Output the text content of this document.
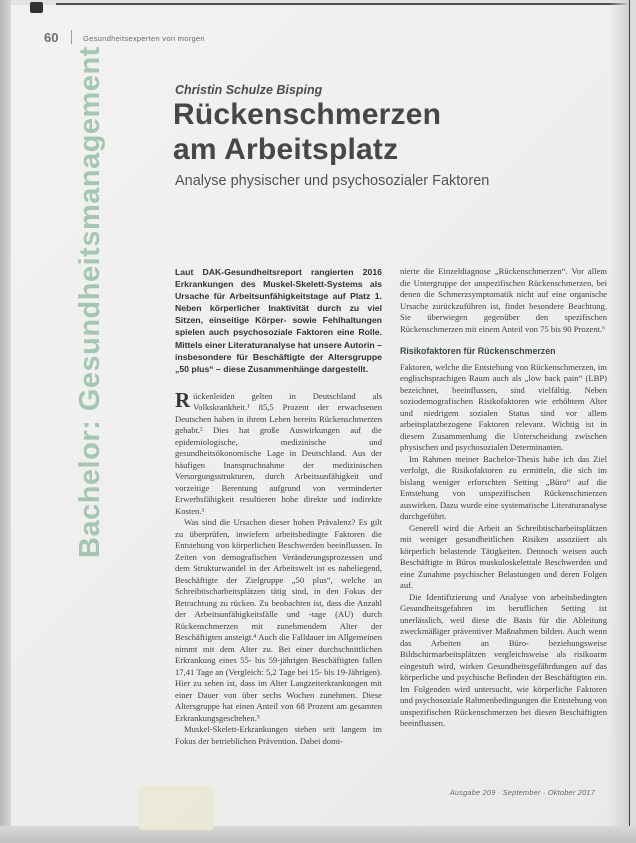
60	Gesundheitsexperten von morgen
Bachelor: Gesundheitsmanagement	Christin Schulze Bisping
Rückenschmerzen
am Arbeitsplatz
Analyse physischer und psychosozialer Faktoren

Laut DAK-Gesundheitsreport rangierten 2016 Erkrankungen des Muskel-Skelett-Systems als Ursache für Arbeitsunfähigkeitstage auf Platz 1. Neben körperlicher Inaktivität durch zu viel Sitzen, einseitige Körper- sowie Fehlhaltungen spielen auch psychosoziale Faktoren eine Rolle. Mittels einer Literaturanalyse hat unsere Autorin – insbesondere für Beschäftigte der Altersgruppe „50 plus“ – diese Zusammenhänge dargestellt.

Rückenleiden gelten in Deutschland als Volkskrankheit.¹ 85,5 Prozent der erwachsenen Deutschen haben in ihrem Leben bereits Rückenschmerzen gehabt.² Dies hat große Auswirkungen auf die epidemiologische, medizinische und gesundheitsökonomische Lage in Deutschland. Aus der häufigen Inanspruchnahme der medizinischen Versorgungsstrukturen, durch Arbeitsunfähigkeit und vorzeitige Berentung aufgrund von verminderter Erwerbsfähigkeit resultieren hohe direkte und indirekte Kosten.³

Was sind die Ursachen dieser hohen Prävalenz? Es gilt zu überprüfen, inwiefern arbeitsbedingte Faktoren die Entstehung von körperlichen Beschwerden beeinflussen. In Zeiten von demografischen Veränderungsprozessen und dem Strukturwandel in der Arbeitswelt ist es naheliegend, Beschäftigte der Zielgruppe „50 plus“, welche an Schreibtischarbeitsplätzen tätig sind, in den Fokus der Betrachtung zu rücken. Zu beobachten ist, dass die Anzahl der Arbeitsunfähigkeitsfälle und -tage (AU) durch Rückenschmerzen mit zunehmendem Alter der Beschäftigten ansteigt.⁴ Auch die Falldauer im Allgemeinen nimmt mit dem Alter zu. Bei einer durchschnittlichen Erkrankung eines 55- bis 59-jährigen Beschäftigten fallen 17,41 Tage an (Vergleich: 5,2 Tage bei 15- bis 19-Jährigen). Hier zu sehen ist, dass im Alter Langzeiterkrankungen mit einer Dauer von über sechs Wochen zunehmen. Diese Altersgruppe hat einen Anteil von 68 Prozent am gesamten Erkrankungsgeschehen.⁵

Muskel-Skelett-Erkrankungen stehen seit langem im Fokus der betrieblichen Prävention. Dabei domi-

nierte die Einzeldiagnose „Rückenschmerzen“. Vor allem die Untergruppe der unspezifischen Rückenschmerzen, bei denen die Schmerzsymptomatik nicht auf eine organische Ursache zurückzuführen ist, findet besondere Beachtung. Sie überwiegen gegenüber den spezifischen Rückenschmerzen mit einem Anteil von 75 bis 90 Prozent.⁶

Risikofaktoren für Rückenschmerzen

Faktoren, welche die Entstehung von Rückenschmerzen, im englischsprachigen Raum auch als „low back pain“ (LBP) bezeichnet, beeinflussen, sind vielfältig. Neben soziodemografischen Risikofaktoren wie erhöhtem Alter und niedrigem sozialen Status sind vor allem arbeitsplatzbezogene Faktoren relevant. Wichtig ist in diesem Zusammenhang die Unterscheidung zwischen physischen und psychosozialen Determinanten.

Im Rahmen meiner Bachelor-Thesis habe ich das Ziel verfolgt, die Risikofaktoren zu ermitteln, die sich im bislang weniger erforschten Setting „Büro“ auf die Entstehung von unspezifischen Rückenschmerzen auswirken. Dazu wurde eine systematische Literaturanalyse durchgeführt.

Generell wird die Arbeit an Schreibtischarbeitsplätzen mit weniger gesundheitlichen Risiken assoziiert als körperlich belastende Tätigkeiten. Dennoch weisen auch Beschäftigte in Büros muskuloskelettale Beschwerden und eine Zunahme psychischer Belastungen und deren Folgen auf.

Die Identifizierung und Analyse von arbeitsbedingten Gesundheitsgefahren im beruflichen Setting ist unerlässlich, weil diese die Basis für die Ableitung zweckmäßiger präventiver Maßnahmen bilden. Auch wenn das Arbeiten an Büro- beziehungsweise Bildschirmarbeitsplätzen vergleichsweise als risikoarm eingestuft wird, wirken Gesundheitsgefährdungen auf das körperliche und psychische Befinden der Beschäftigten ein. Im Folgenden wird untersucht, wie körperliche Faktoren und psychosoziale Rahmenbedingungen die Entstehung von unspezifischen Rückenschmerzen bei diesen Beschäftigten beeinflussen.

Ausgabe 209 · September · Oktober 2017
